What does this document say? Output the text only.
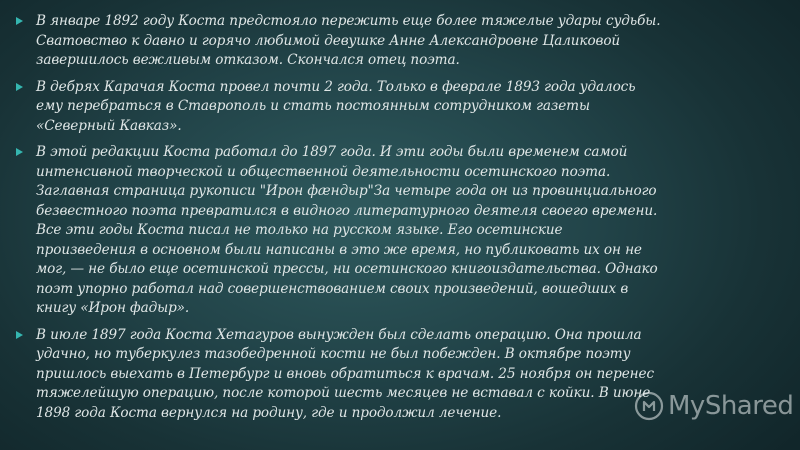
В январе 1892 году Коста предстояло пережить еще более тяжелые удары судьбы. Сватовство к давно и горячо любимой девушке Анне Александровне Цаликовой завершилось вежливым отказом. Скончался отец поэта.
В дебрях Карачая Коста провел почти 2 года. Только в феврале 1893 года удалось ему перебраться в Ставрополь и стать постоянным сотрудником газеты «Северный Кавказ».
В этой редакции Коста работал до 1897 года. И эти годы были временем самой интенсивной творческой и общественной деятельности осетинского поэта. Заглавная страница рукописи "Ирон фæндыр"За четыре года он из провинциального безвестного поэта превратился в видного литературного деятеля своего времени. Все эти годы Коста писал не только на русском языке. Его осетинские произведения в основном были написаны в это же время, но публиковать их он не мог, — не было еще осетинской прессы, ни осетинского книгоиздательства. Однако поэт упорно работал над совершенствованием своих произведений, вошедших в книгу «Ирон фадыр».
В июле 1897 года Коста Хетагуров вынужден был сделать операцию. Она прошла удачно, но туберкулез тазобедренной кости не был побежден. В октябре поэту пришлось выехать в Петербург и вновь обратиться к врачам. 25 ноября он перенес тяжелейшую операцию, после которой шесть месяцев не вставал с койки. В июне 1898 года Коста вернулся на родину, где и продолжил лечение.	MyShared
